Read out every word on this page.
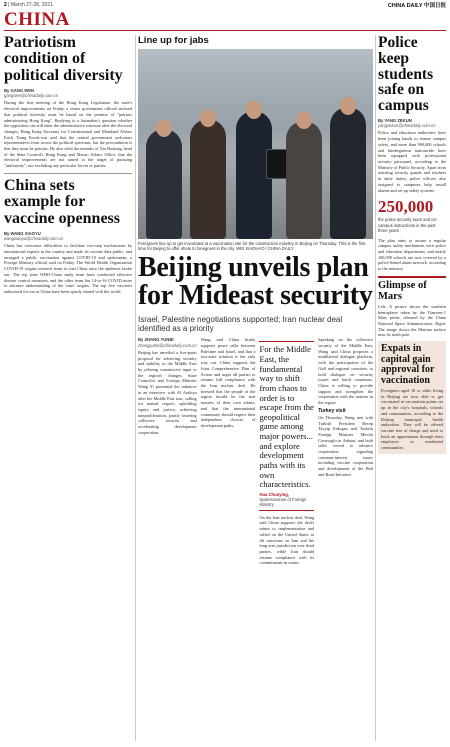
2 | March 27-28, 2021	CHINA DAILY 中国日报
CHINA
Patriotism condition of political diversity
By GANG WEN
gangwen@chinadaily.com.cn

During the first meeting of the Hong Kong Legislature, the state's electoral improvements on Friday, a senior government official stressed that political diversity must be based on the premise of "patriots administering Hong Kong". Replying to a lawmaker's question whether the opposition can still enter the administrative structure after the electoral changes, Hong Kong Secretary for Constitutional and Mainland Affairs Erick Tsang Kwok-wai said that the central government welcomes representatives from across the political spectrum, but the precondition is that they must be patriots. He also cited the remarks of Xia Baolong, head of the State Council's Hong Kong and Macao Affairs Office, that the electoral improvements are not aimed at the target of pursuing "uniformity", nor excluding any particular forces or parties.

China sets example for vaccine openness
By WANG XIAOYU
wangxiaoyu@chinadaily.com.cn

China has overcome difficulties to facilitate two-step mechanisms by international experts in the country and made its vaccine data public, and arranged a public vaccination against COVID-19 and spokesman, a Foreign Ministry official said on Friday. The World Health Organization COVID-19 origins research team to visit China once the epidemic broke out. The top joint WHO-China study team have conducted effective disease control measures, and the other team has 14-to-16 COVID more to advance understanding of the virus' origins. The top five vaccines authorized for use in China have been openly shared with the world.

Line up for jabs

Foreigners line up to get inoculated at a vaccination site for the construction industry in Beijing on Thursday. This is the first time for Beijing to offer shots to foreigners in the city. WEI XIAOHAO / CHINA DAILY

Beijing unveils plan for Mideast security
Israel, Palestine negotiations supported; Iran nuclear deal identified as a priority
By ZHANG YUNBI
zhangyunbi@chinadaily.com.cn

Beijing has unveiled a five-point proposal for achieving security and stability in the Middle East by offering constructive input to the region's changes. State Councilor and Foreign Minister Wang Yi presented the initiative in an interview with Al Arabiya after his Middle East tour, calling for mutual respect, upholding equity and justice, achieving nonproliferation, jointly fostering collective security and accelerating development cooperation.

Wang said China firmly supports peace talks between Palestine and Israel, and that a two-state solution is the only way out. China supports the Joint Comprehensive Plan of Action and urges all parties to resume full compliance with the Iran nuclear deal. He stressed that the people of the region should be the true masters of their own affairs, and that the international community should respect their independent choices of development paths.

For the Middle East, the fundamental way to shift from chaos to order is to escape from the geopolitical game among major powers... and explore development paths with its own characteristics.
Hua Chunying,
spokeswoman of Foreign Ministry

On the Iran nuclear deal, Wang said China supports the deal's return to implementation and called on the United States to lift sanctions on Iran and the long-arm jurisdiction over third parties, while Iran should resume compliance with its commitments in return.

Speaking on the collective security of the Middle East, Wang said China proposes a multilateral dialogue platform, with the participation of the Gulf and regional countries, to hold dialogue on security issues and build consensus. China is willing to provide support and strengthen the cooperation with the nations in the region.

Turkey visit

On Thursday, Wang met with Turkish President Recep Tayyip Erdogan and Turkish Foreign Minister Mevlut Cavusoglu in Ankara, and both sides vowed to advance cooperation regarding common-interest issues including vaccine cooperation and development of the Belt and Road Initiative.

Police keep students safe on campus
By YANG ZEKUN
yangzekun@chinadaily.com.cn

Police and education authorities have been joining hands to ensure campus safety, and more than 900,000 schools and kindergartens nationwide have been equipped with professional security personnel, according to the Ministry of Public Security. Apart from assisting security guards and teachers in daily duties, police officers also assigned to campuses help install alarms and set up safety systems.

250,000
the police security tours and on-campus instructions in the past three years

The plan aims to arouse a regular campus safety mechanism with police and education departments, and nearly 100,000 schools are now covered by a police-linked alarm network, according to the ministry.

Glimpse of Mars

Left: A picture shows the southern hemisphere taken by the Tianwen-1 Mars probe, released by the China National Space Administration. Right: The image shows the Martian surface near its north pole.

Expats in capital gain approval for vaccination

Foreigners aged 18 or older living in Beijing are now able to get vaccinated at vaccination points set up in the city's hospitals, schools and communities, according to the Beijing municipal health authorities. They will be offered vaccine free of charge and need to book an appointment through their employers or residential communities.
